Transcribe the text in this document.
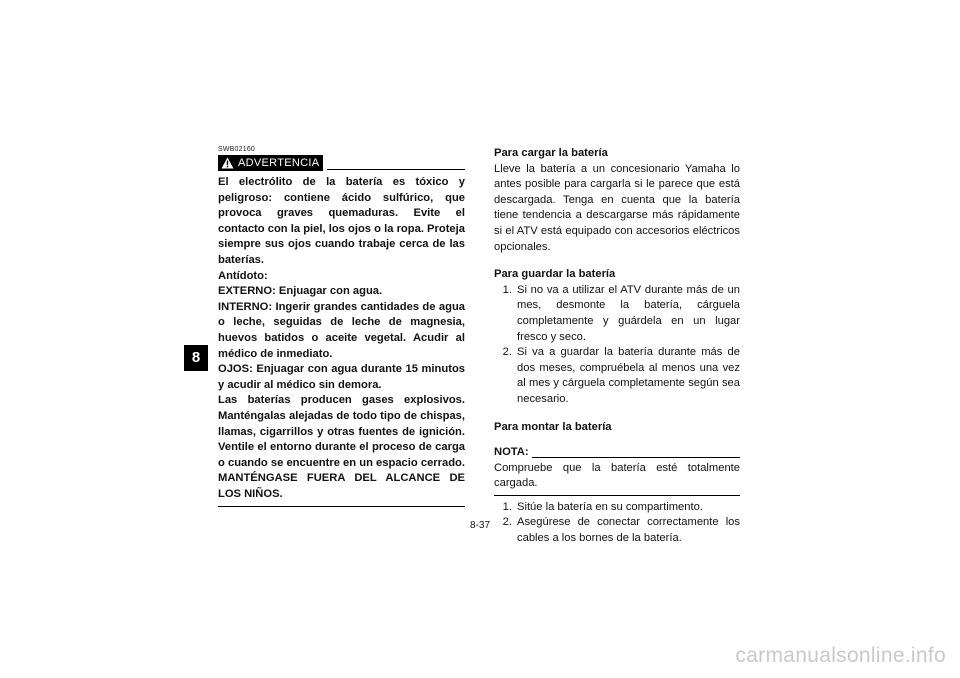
8
SWB02160
ADVERTENCIA

El electrólito de la batería es tóxico y peligroso: contiene ácido sulfúrico, que provoca graves quemaduras. Evite el contacto con la piel, los ojos o la ropa. Proteja siempre sus ojos cuando trabaje cerca de las baterías.

Antídoto:

EXTERNO: Enjuagar con agua.

INTERNO: Ingerir grandes cantidades de agua o leche, seguidas de leche de magnesia, huevos batidos o aceite vegetal. Acudir al médico de inmediato.

OJOS: Enjuagar con agua durante 15 minutos y acudir al médico sin demora.

Las baterías producen gases explosivos. Manténgalas alejadas de todo tipo de chispas, llamas, cigarrillos y otras fuentes de ignición. Ventile el entorno durante el proceso de carga o cuando se encuentre en un espacio cerrado. MANTÉNGASE FUERA DEL ALCANCE DE LOS NIÑOS.

Para cargar la batería

Lleve la batería a un concesionario Yamaha lo antes posible para cargarla si le parece que está descargada. Tenga en cuenta que la batería tiene tendencia a descargarse más rápidamente si el ATV está equipado con accesorios eléctricos opcionales.

Para guardar la batería

1. Si no va a utilizar el ATV durante más de un mes, desmonte la batería, cárguela completamente y guárdela en un lugar fresco y seco.
2. Si va a guardar la batería durante más de dos meses, compruébela al menos una vez al mes y cárguela completamente según sea necesario.

Para montar la batería

NOTA:

Compruebe que la batería esté totalmente cargada.

1. Sitúe la batería en su compartimento.
2. Asegúrese de conectar correctamente los cables a los bornes de la batería.
8-37
carmanualsonline.info
